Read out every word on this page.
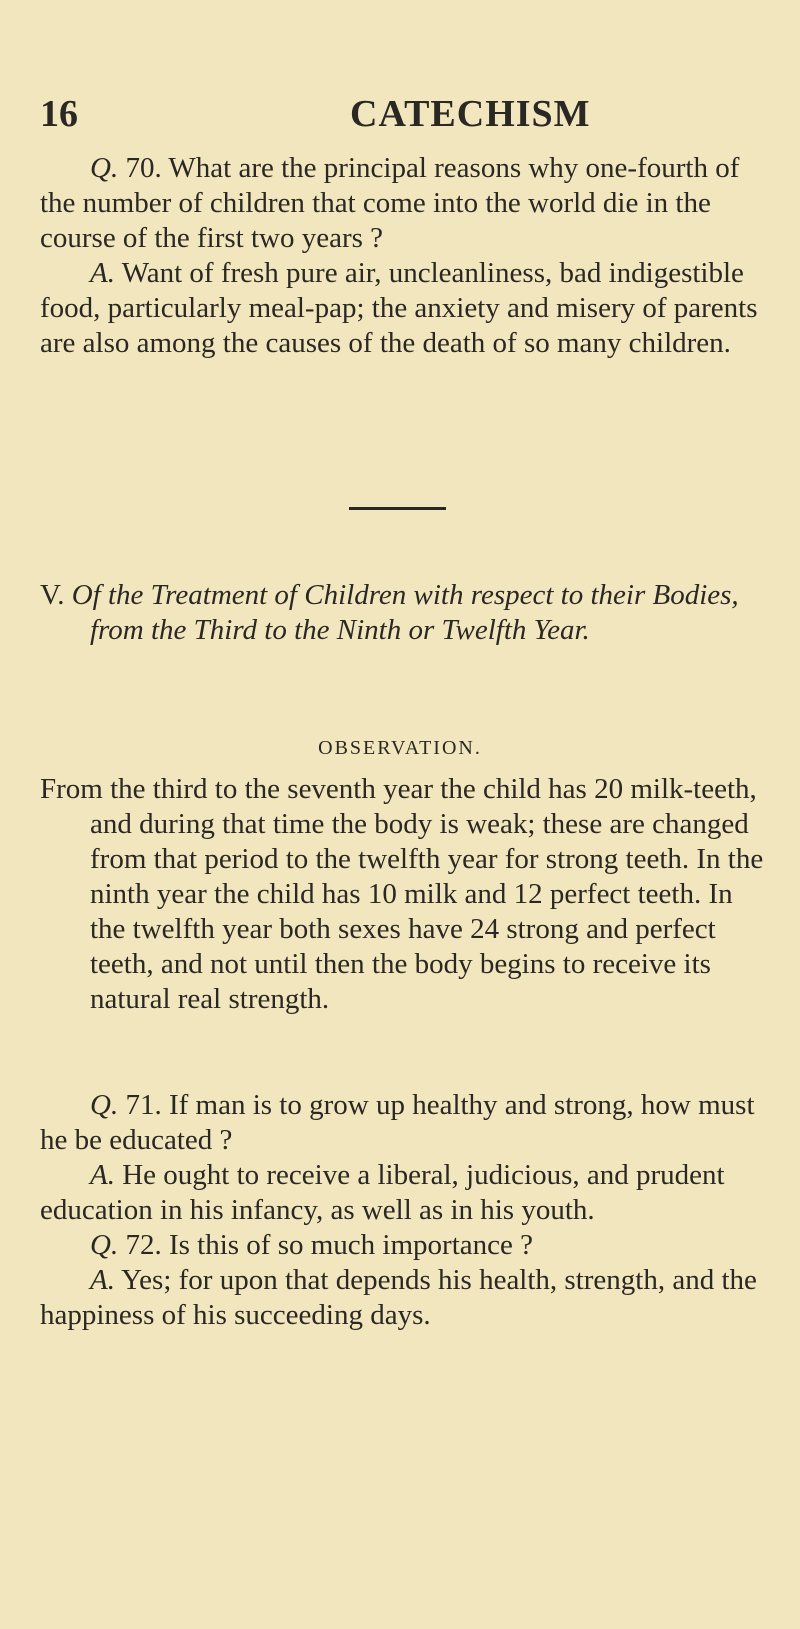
16	CATECHISM

Q. 70. What are the principal reasons why one-fourth of the number of children that come into the world die in the course of the first two years ?

A. Want of fresh pure air, uncleanliness, bad indigestible food, particularly meal-pap; the anxiety and misery of parents are also among the causes of the death of so many children.

V. Of the Treatment of Children with respect to their Bodies, from the Third to the Ninth or Twelfth Year.

OBSERVATION.

From the third to the seventh year the child has 20 milk-teeth, and during that time the body is weak; these are changed from that period to the twelfth year for strong teeth. In the ninth year the child has 10 milk and 12 perfect teeth. In the twelfth year both sexes have 24 strong and perfect teeth, and not until then the body begins to receive its natural real strength.

Q. 71. If man is to grow up healthy and strong, how must he be educated ?

A. He ought to receive a liberal, judicious, and prudent education in his infancy, as well as in his youth.

Q. 72. Is this of so much importance ?

A. Yes; for upon that depends his health, strength, and the happiness of his succeeding days.
